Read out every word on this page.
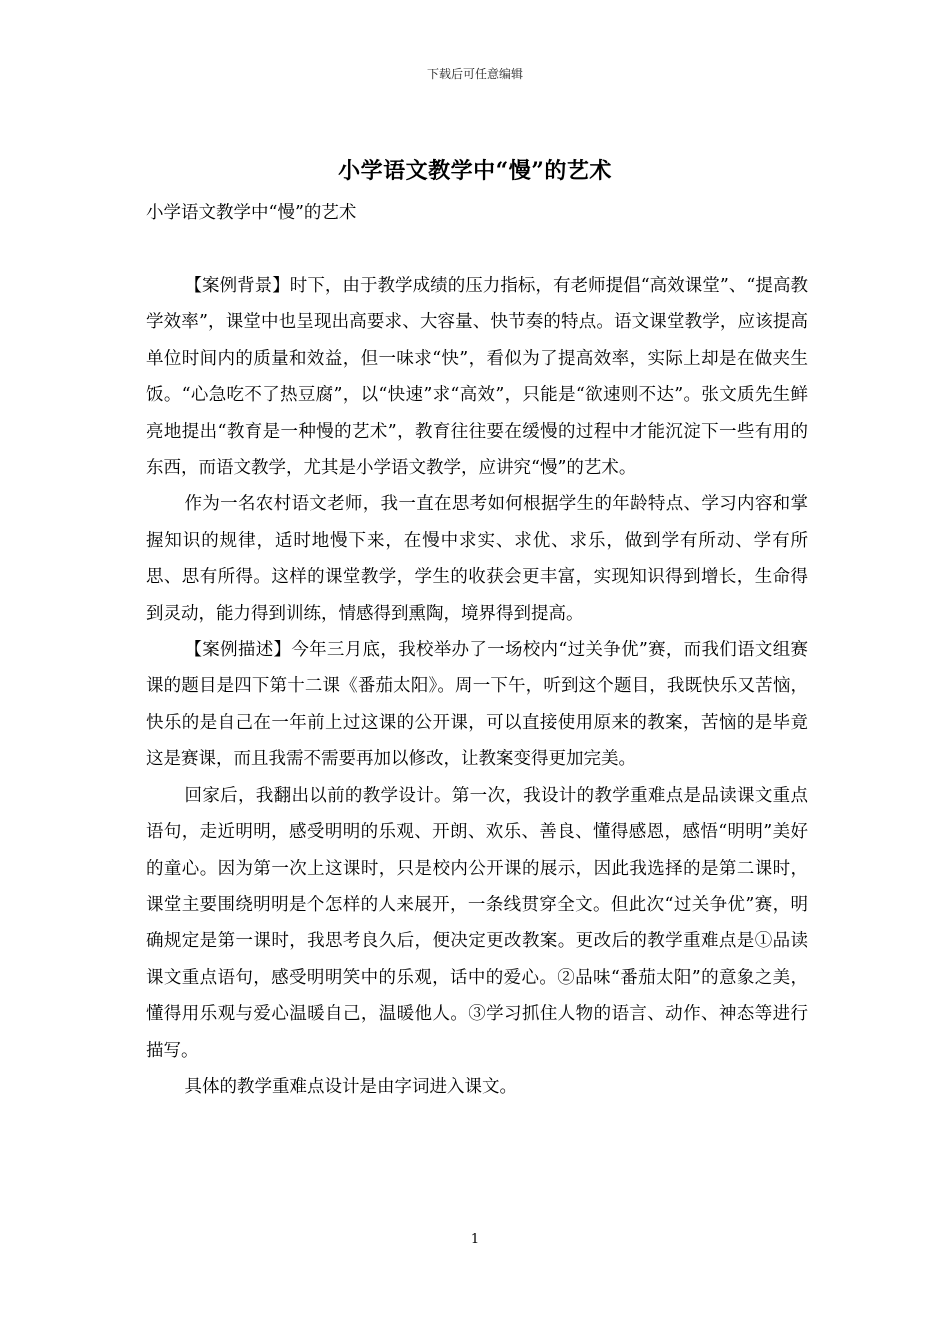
下载后可任意编辑
小学语文教学中“慢”的艺术
小学语文教学中“慢”的艺术

【案例背景】时下，由于教学成绩的压力指标，有老师提倡“高效课堂”、“提高教学效率”，课堂中也呈现出高要求、大容量、快节奏的特点。语文课堂教学，应该提高单位时间内的质量和效益，但一味求“快”，看似为了提高效率，实际上却是在做夹生饭。“心急吃不了热豆腐”，以“快速”求“高效”，只能是“欲速则不达”。张文质先生鲜亮地提出“教育是一种慢的艺术”，教育往往要在缓慢的过程中才能沉淀下一些有用的东西，而语文教学，尤其是小学语文教学，应讲究“慢”的艺术。

作为一名农村语文老师，我一直在思考如何根据学生的年龄特点、学习内容和掌握知识的规律，适时地慢下来，在慢中求实、求优、求乐，做到学有所动、学有所思、思有所得。这样的课堂教学，学生的收获会更丰富，实现知识得到增长，生命得到灵动，能力得到训练，情感得到熏陶，境界得到提高。

【案例描述】今年三月底，我校举办了一场校内“过关争优”赛，而我们语文组赛课的题目是四下第十二课《番茄太阳》。周一下午，听到这个题目，我既快乐又苦恼，快乐的是自己在一年前上过这课的公开课，可以直接使用原来的教案，苦恼的是毕竟这是赛课，而且我需不需要再加以修改，让教案变得更加完美。

回家后，我翻出以前的教学设计。第一次，我设计的教学重难点是品读课文重点语句，走近明明，感受明明的乐观、开朗、欢乐、善良、懂得感恩，感悟“明明”美好的童心。因为第一次上这课时，只是校内公开课的展示，因此我选择的是第二课时，课堂主要围绕明明是个怎样的人来展开，一条线贯穿全文。但此次“过关争优”赛，明确规定是第一课时，我思考良久后，便决定更改教案。更改后的教学重难点是①品读课文重点语句，感受明明笑中的乐观，话中的爱心。②品味“番茄太阳”的意象之美，懂得用乐观与爱心温暖自己，温暖他人。③学习抓住人物的语言、动作、神态等进行描写。

具体的教学重难点设计是由字词进入课文。

1
